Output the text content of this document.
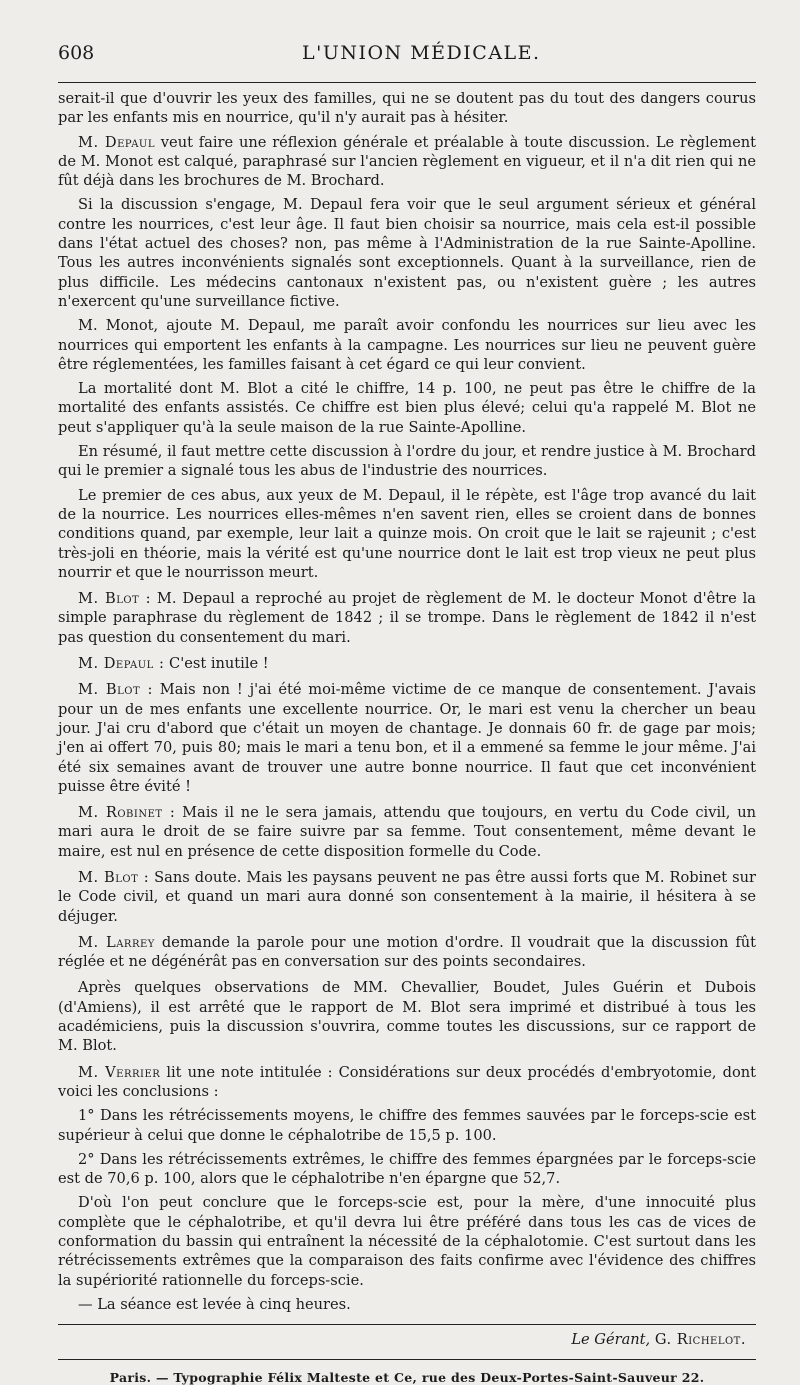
608	L'UNION MÉDICALE.

serait-il que d'ouvrir les yeux des familles, qui ne se doutent pas du tout des dangers courus par les enfants mis en nourrice, qu'il n'y aurait pas à hésiter.

M. Depaul veut faire une réflexion générale et préalable à toute discussion. Le règlement de M. Monot est calqué, paraphrasé sur l'ancien règlement en vigueur, et il n'a dit rien qui ne fût déjà dans les brochures de M. Brochard.

Si la discussion s'engage, M. Depaul fera voir que le seul argument sérieux et général contre les nourrices, c'est leur âge. Il faut bien choisir sa nourrice, mais cela est-il possible dans l'état actuel des choses? non, pas même à l'Administration de la rue Sainte-Apolline. Tous les autres inconvénients signalés sont exceptionnels. Quant à la surveillance, rien de plus difficile. Les médecins cantonaux n'existent pas, ou n'existent guère ; les autres n'exercent qu'une surveillance fictive.

M. Monot, ajoute M. Depaul, me paraît avoir confondu les nourrices sur lieu avec les nourrices qui emportent les enfants à la campagne. Les nourrices sur lieu ne peuvent guère être réglementées, les familles faisant à cet égard ce qui leur convient.

La mortalité dont M. Blot a cité le chiffre, 14 p. 100, ne peut pas être le chiffre de la mortalité des enfants assistés. Ce chiffre est bien plus élevé; celui qu'a rappelé M. Blot ne peut s'appliquer qu'à la seule maison de la rue Sainte-Apolline.

En résumé, il faut mettre cette discussion à l'ordre du jour, et rendre justice à M. Brochard qui le premier a signalé tous les abus de l'industrie des nourrices.

Le premier de ces abus, aux yeux de M. Depaul, il le répète, est l'âge trop avancé du lait de la nourrice. Les nourrices elles-mêmes n'en savent rien, elles se croient dans de bonnes conditions quand, par exemple, leur lait a quinze mois. On croit que le lait se rajeunit ; c'est très-joli en théorie, mais la vérité est qu'une nourrice dont le lait est trop vieux ne peut plus nourrir et que le nourrisson meurt.

M. Blot : M. Depaul a reproché au projet de règlement de M. le docteur Monot d'être la simple paraphrase du règlement de 1842 ; il se trompe. Dans le règlement de 1842 il n'est pas question du consentement du mari.

M. Depaul : C'est inutile !

M. Blot : Mais non ! j'ai été moi-même victime de ce manque de consentement. J'avais pour un de mes enfants une excellente nourrice. Or, le mari est venu la chercher un beau jour. J'ai cru d'abord que c'était un moyen de chantage. Je donnais 60 fr. de gage par mois; j'en ai offert 70, puis 80; mais le mari a tenu bon, et il a emmené sa femme le jour même. J'ai été six semaines avant de trouver une autre bonne nourrice. Il faut que cet inconvénient puisse être évité !

M. Robinet : Mais il ne le sera jamais, attendu que toujours, en vertu du Code civil, un mari aura le droit de se faire suivre par sa femme. Tout consentement, même devant le maire, est nul en présence de cette disposition formelle du Code.

M. Blot : Sans doute. Mais les paysans peuvent ne pas être aussi forts que M. Robinet sur le Code civil, et quand un mari aura donné son consentement à la mairie, il hésitera à se déjuger.

M. Larrey demande la parole pour une motion d'ordre. Il voudrait que la discussion fût réglée et ne dégénérât pas en conversation sur des points secondaires.

Après quelques observations de MM. Chevallier, Boudet, Jules Guérin et Dubois (d'Amiens), il est arrêté que le rapport de M. Blot sera imprimé et distribué à tous les académiciens, puis la discussion s'ouvrira, comme toutes les discussions, sur ce rapport de M. Blot.

M. Verrier lit une note intitulée : Considérations sur deux procédés d'embryotomie, dont voici les conclusions :

1° Dans les rétrécissements moyens, le chiffre des femmes sauvées par le forceps-scie est supérieur à celui que donne le céphalotribe de 15,5 p. 100.

2° Dans les rétrécissements extrêmes, le chiffre des femmes épargnées par le forceps-scie est de 70,6 p. 100, alors que le céphalotribe n'en épargne que 52,7.

D'où l'on peut conclure que le forceps-scie est, pour la mère, d'une innocuité plus complète que le céphalotribe, et qu'il devra lui être préféré dans tous les cas de vices de conformation du bassin qui entraînent la nécessité de la céphalotomie. C'est surtout dans les rétrécissements extrêmes que la comparaison des faits confirme avec l'évidence des chiffres la supériorité rationnelle du forceps-scie.

— La séance est levée à cinq heures.

Le Gérant, G. Richelot.
Paris. — Typographie Félix Malteste et Ce, rue des Deux-Portes-Saint-Sauveur 22.
